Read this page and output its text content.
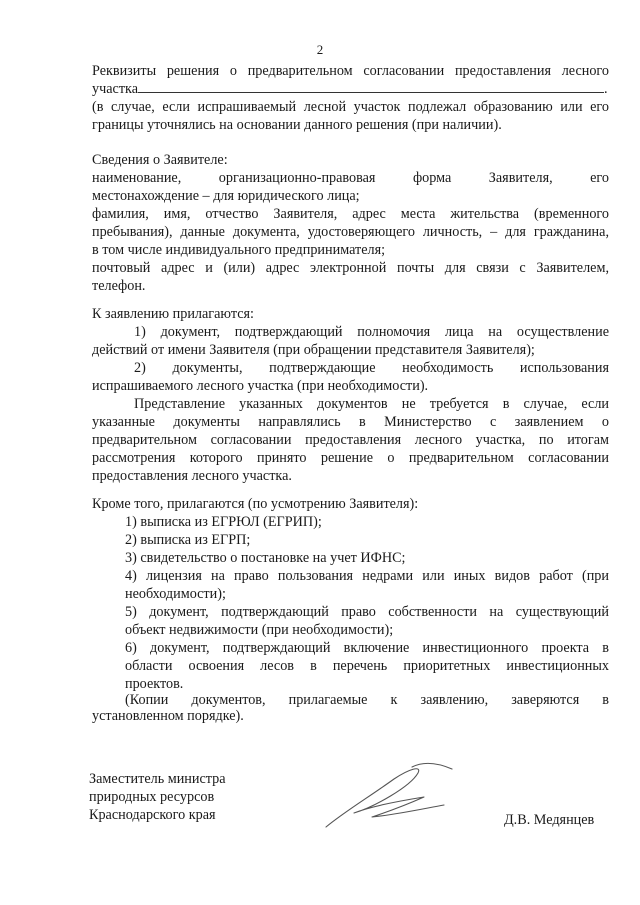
2
Реквизиты решения о предварительном согласовании предоставления лесного
участка	.
(в случае, если испрашиваемый лесной участок подлежал образованию или его
границы уточнялись на основании данного решения (при наличии).
Сведения о Заявителе:
наименование, организационно-правовая форма Заявителя, его
местонахождение – для юридического лица;
фамилия, имя, отчество Заявителя, адрес места жительства (временного
пребывания), данные документа, удостоверяющего личность, – для гражданина,
в том числе индивидуального предпринимателя;
почтовый адрес и (или) адрес электронной почты для связи с Заявителем,
телефон.
К заявлению прилагаются:
1) документ, подтверждающий полномочия лица на осуществление
действий от имени Заявителя (при обращении представителя Заявителя);
2) документы, подтверждающие необходимость использования
испрашиваемого лесного участка (при необходимости).
Представление указанных документов не требуется в случае, если
указанные документы направлялись в Министерство с заявлением о
предварительном согласовании предоставления лесного участка, по итогам
рассмотрения которого принято решение о предварительном согласовании
предоставления лесного участка.
Кроме того, прилагаются (по усмотрению Заявителя):
1) выписка из ЕГРЮЛ (ЕГРИП);
2) выписка из ЕГРП;
3) свидетельство о постановке на учет ИФНС;
4) лицензия на право пользования недрами или иных видов работ (при
необходимости);
5) документ, подтверждающий право собственности на существующий
объект недвижимости (при необходимости);
6) документ, подтверждающий включение инвестиционного проекта в
области освоения лесов в перечень приоритетных инвестиционных
проектов.
(Копии документов, прилагаемые к заявлению, заверяются в
установленном порядке).
Заместитель министра
природных ресурсов
Краснодарского края	Д.В. Медянцев
